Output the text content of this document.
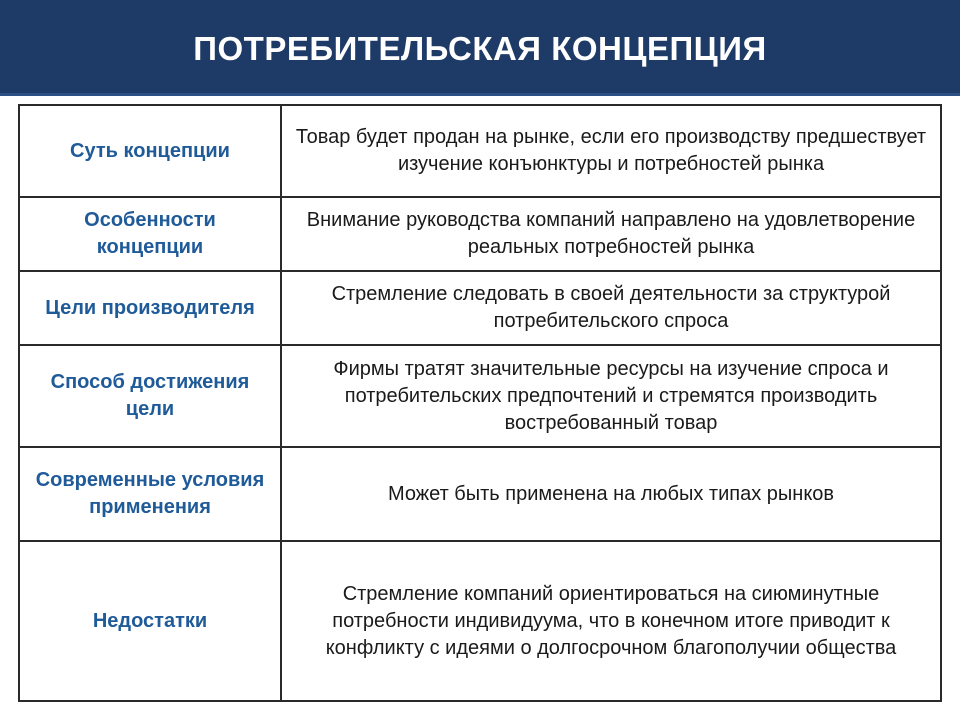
ПОТРЕБИТЕЛЬСКАЯ КОНЦЕПЦИЯ
Суть концепции	Товар будет продан на рынке, если его производству предшествует изучение конъюнктуры и потребностей рынка
Особенности концепции	Внимание руководства компаний направлено на удовлетворение реальных потребностей рынка
Цели производителя	Стремление следовать в своей деятельности за структурой потребительского спроса
Способ достижения цели	Фирмы тратят значительные ресурсы на изучение спроса и потребительских предпочтений и стремятся производить востребованный товар
Современные условия применения	Может быть применена на любых типах рынков
Недостатки	Стремление компаний ориентироваться на сиюминутные потребности индивидуума, что в конечном итоге приводит к конфликту с идеями о долгосрочном благополучии общества
